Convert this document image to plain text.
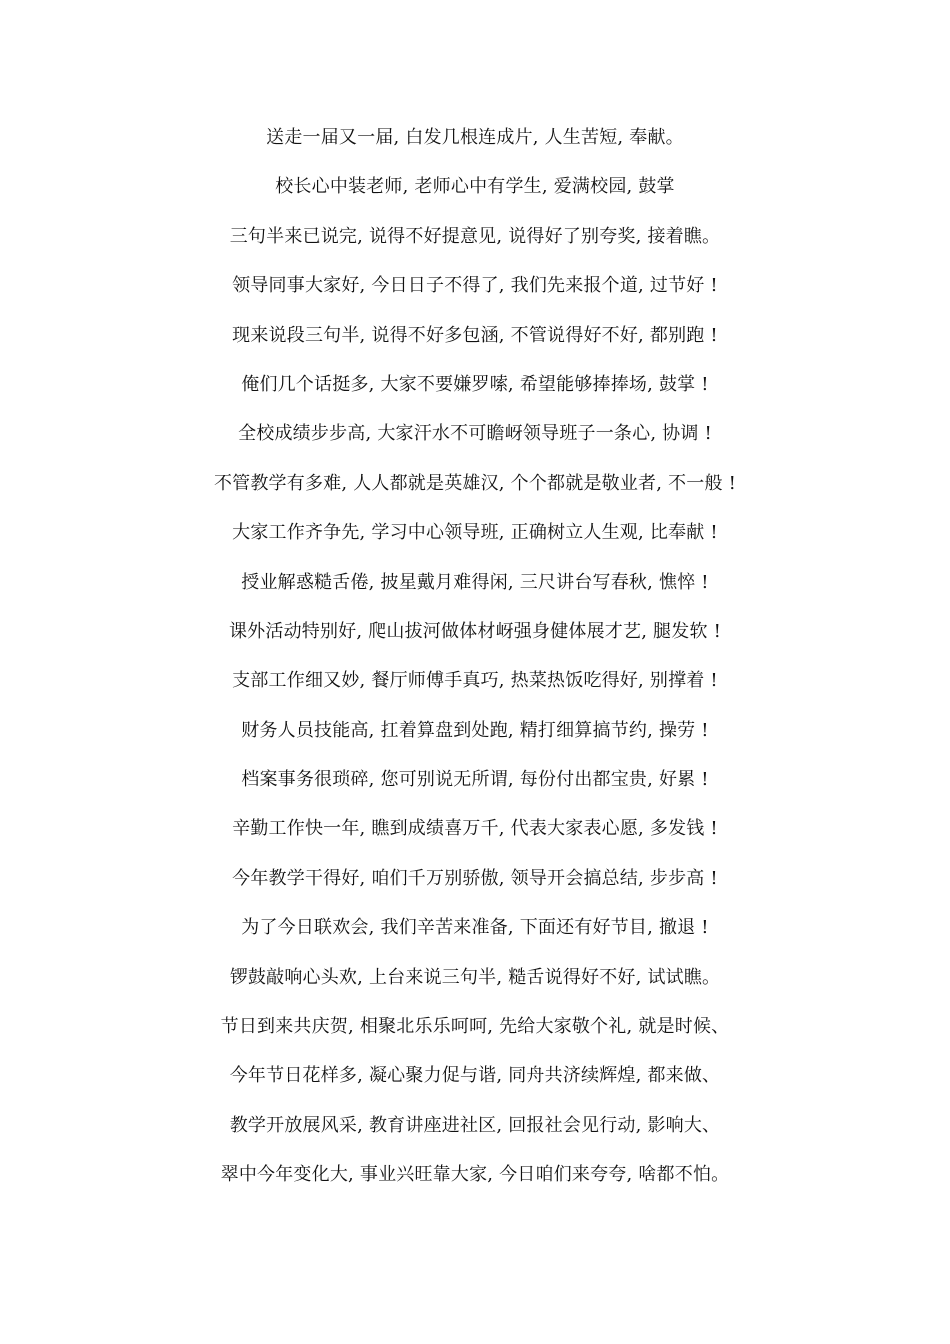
送走一届又一届, 白发几根连成片, 人生苦短, 奉献。
校长心中装老师, 老师心中有学生, 爱满校园, 鼓掌
三句半来已说完, 说得不好提意见, 说得好了别夸奖, 接着瞧。
领导同事大家好, 今日日子不得了, 我们先来报个道, 过节好 !
现来说段三句半, 说得不好多包涵, 不管说得好不好, 都别跑 !
俺们几个话挺多, 大家不要嫌罗嗦, 希望能够捧捧场, 鼓掌 !
全校成绩步步高, 大家汗水不可瞻岈领导班子一条心, 协调 !
不管教学有多难, 人人都就是英雄汉, 个个都就是敬业者, 不一般 !
大家工作齐争先, 学习中心领导班, 正确树立人生观, 比奉献 !
授业解惑糙舌倦, 披星戴月难得闲, 三尺讲台写春秋, 憔悴 !
课外活动特别好, 爬山拔河做体材岈强身健体展才艺, 腿发软 !
支部工作细又妙, 餐厅师傅手真巧, 热菜热饭吃得好, 别撑着 !
财务人员技能高, 扛着算盘到处跑, 精打细算搞节约, 操劳 !
档案事务很琐碎, 您可别说无所谓, 每份付出都宝贵, 好累 !
辛勤工作快一年, 瞧到成绩喜万千, 代表大家表心愿, 多发钱 !
今年教学干得好, 咱们千万别骄傲, 领导开会搞总结, 步步高 !
为了今日联欢会, 我们辛苦来准备, 下面还有好节目, 撤退 !
锣鼓敲响心头欢, 上台来说三句半, 糙舌说得好不好, 试试瞧。
节日到来共庆贺, 相聚北乐乐呵呵, 先给大家敬个礼, 就是时候、
今年节日花样多, 凝心聚力促与谐, 同舟共济续辉煌, 都来做、
教学开放展风采, 教育讲座进社区, 回报社会见行动, 影响大、
翠中今年变化大, 事业兴旺靠大家, 今日咱们来夸夸, 啥都不怕。
